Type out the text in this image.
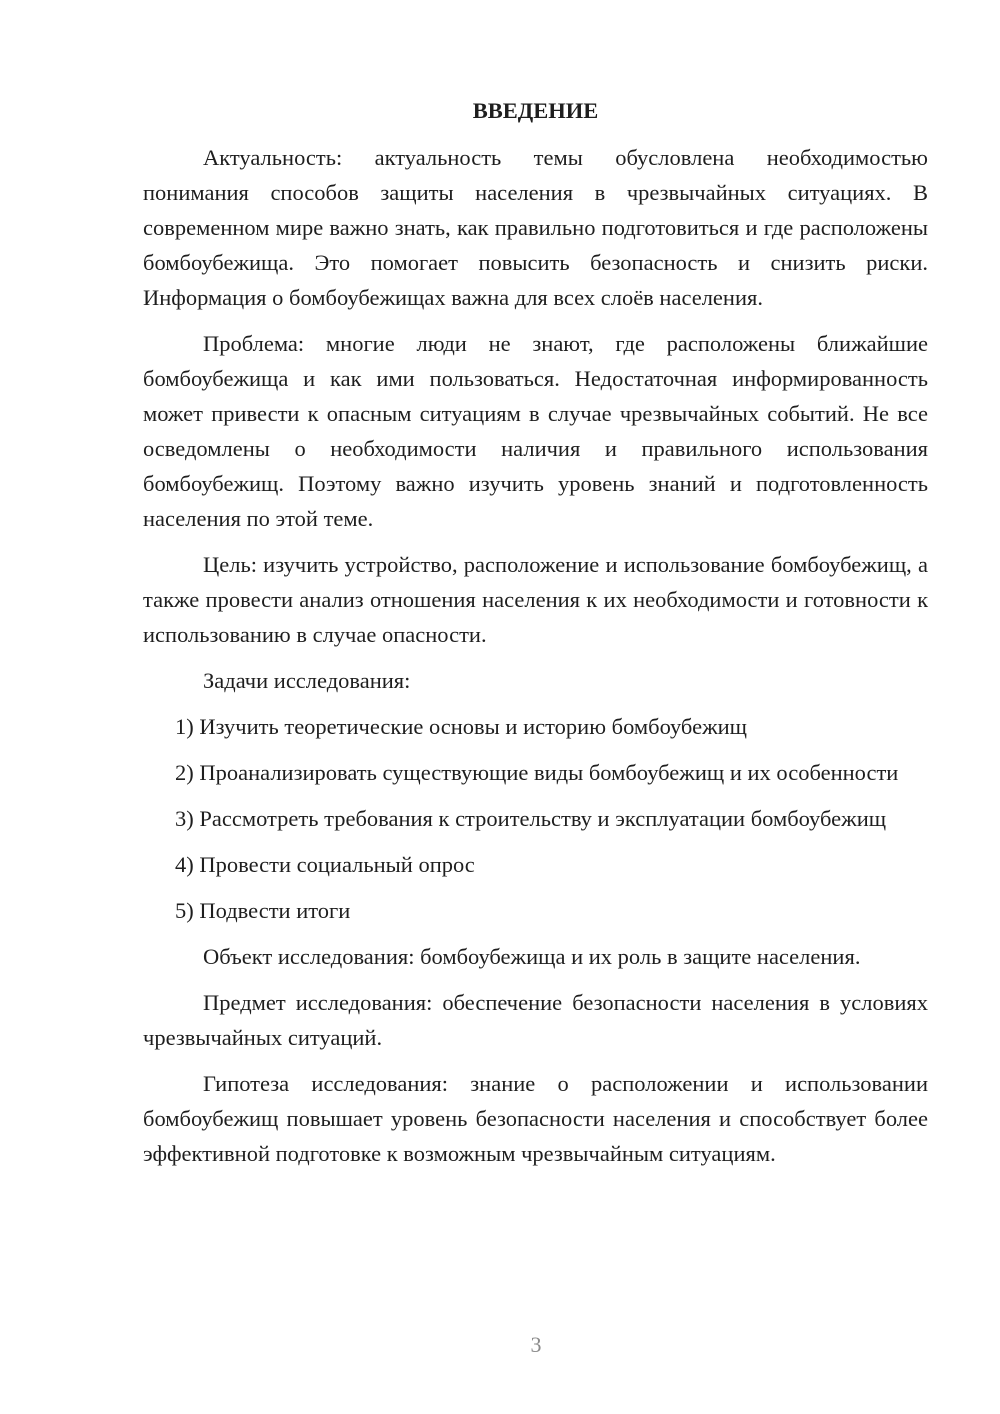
ВВЕДЕНИЕ

Актуальность: актуальность темы обусловлена необходимостью понимания способов защиты населения в чрезвычайных ситуациях. В современном мире важно знать, как правильно подготовиться и где расположены бомбоубежища. Это помогает повысить безопасность и снизить риски. Информация о бомбоубежищах важна для всех слоёв населения.

Проблема: многие люди не знают, где расположены ближайшие бомбоубежища и как ими пользоваться. Недостаточная информированность может привести к опасным ситуациям в случае чрезвычайных событий. Не все осведомлены о необходимости наличия и правильного использования бомбоубежищ. Поэтому важно изучить уровень знаний и подготовленность населения по этой теме.

Цель: изучить устройство, расположение и использование бомбоубежищ, а также провести анализ отношения населения к их необходимости и готовности к использованию в случае опасности.

Задачи исследования:

1) Изучить теоретические основы и историю бомбоубежищ

2) Проанализировать существующие виды бомбоубежищ и их особенности

3) Рассмотреть требования к строительству и эксплуатации бомбоубежищ

4) Провести социальный опрос

5) Подвести итоги

Объект исследования: бомбоубежища и их роль в защите населения.

Предмет исследования: обеспечение безопасности населения в условиях чрезвычайных ситуаций.

Гипотеза исследования: знание о расположении и использовании бомбоубежищ повышает уровень безопасности населения и способствует более эффективной подготовке к возможным чрезвычайным ситуациям.

3
